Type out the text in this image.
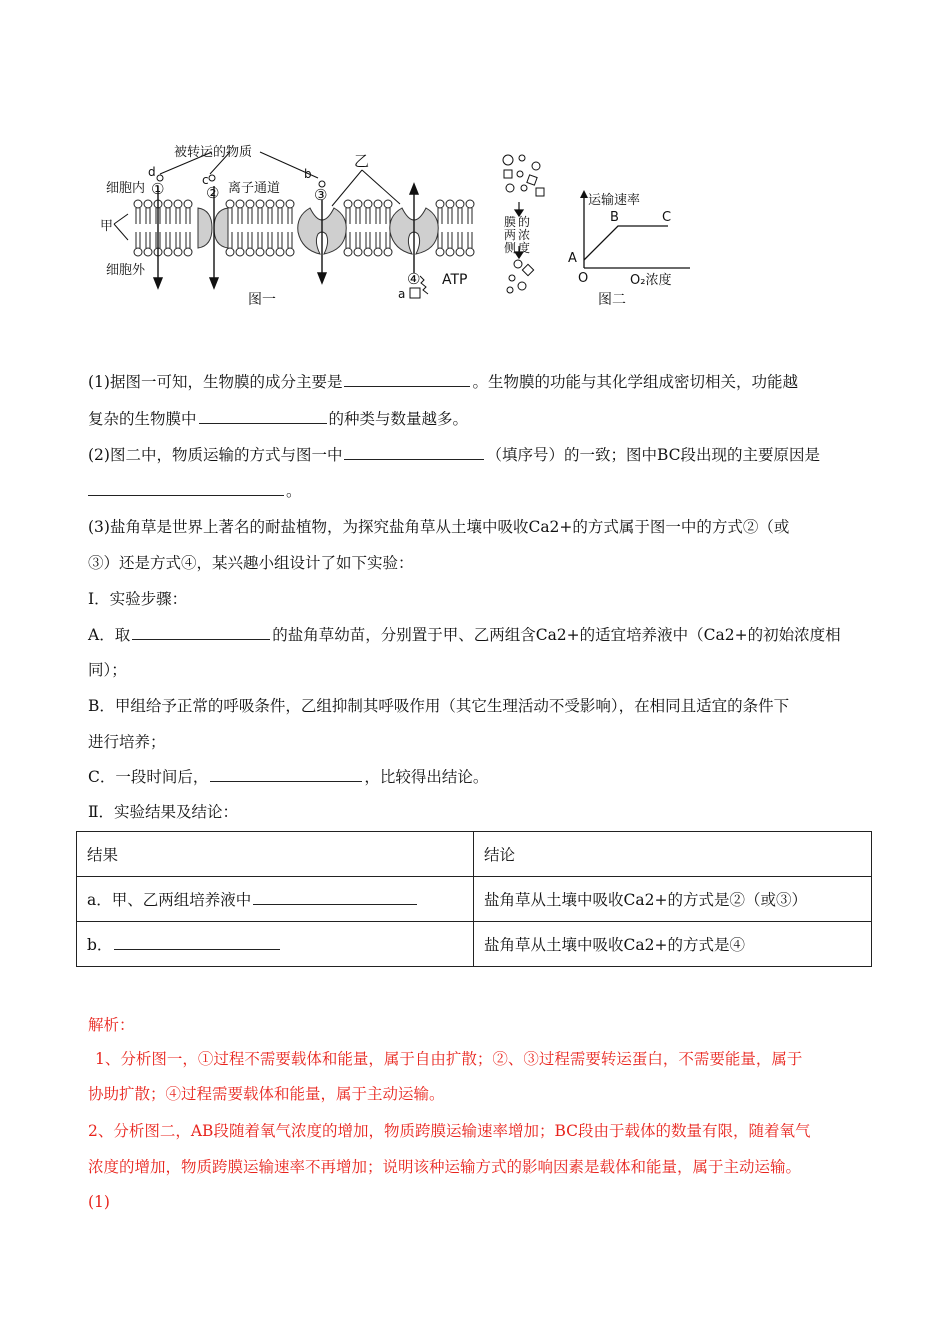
被转运的物质
d
细胞内 ①	c
② 离子通道
b
③
乙
甲
细胞外	④ ATP
a
图一
膜
两
侧
的
浓
度
运输速率
B	C
A
O	O₂浓度
图二
(1)据图一可知，生物膜的成分主要是	。生物膜的功能与其化学组成密切相关，功能越
复杂的生物膜中	的种类与数量越多。
(2)图二中，物质运输的方式与图一中	（填序号）的一致；图中BC段出现的主要原因是
。
(3)盐角草是世界上著名的耐盐植物，为探究盐角草从土壤中吸收Ca2+的方式属于图一中的方式②（或
③）还是方式④，某兴趣小组设计了如下实验：
Ⅰ．实验步骤：
A．取	的盐角草幼苗，分别置于甲、乙两组含Ca2+的适宜培养液中（Ca2+的初始浓度相
同）；
B．甲组给予正常的呼吸条件，乙组抑制其呼吸作用（其它生理活动不受影响），在相同且适宜的条件下
进行培养；
C．一段时间后，	，比较得出结论。
Ⅱ．实验结果及结论：
结果	结论
a．甲、乙两组培养液中	盐角草从土壤中吸收Ca2+的方式是②（或③）
b．	盐角草从土壤中吸收Ca2+的方式是④
解析：
1、分析图一，①过程不需要载体和能量，属于自由扩散；②、③过程需要转运蛋白，不需要能量，属于
协助扩散；④过程需要载体和能量，属于主动运输。
2、分析图二，AB段随着氧气浓度的增加，物质跨膜运输速率增加；BC段由于载体的数量有限，随着氧气
浓度的增加，物质跨膜运输速率不再增加；说明该种运输方式的影响因素是载体和能量，属于主动运输。
(1)
